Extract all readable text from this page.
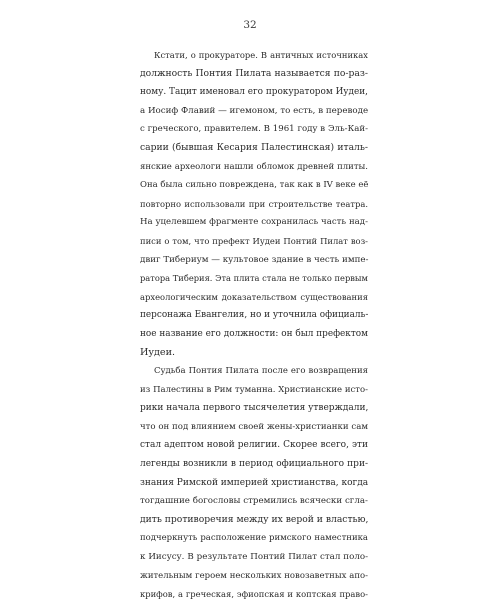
32
Кстати, о прокураторе. В античных источниках
должность Понтия Пилата называется по-раз-
ному. Тацит именовал его прокуратором Иудеи,
а Иосиф Флавий — игемоном, то есть, в переводе
с греческого, правителем. В 1961 году в Эль-Кай-
сарии (бывшая Кесария Палестинская) италь-
янские археологи нашли обломок древней плиты.
Она была сильно повреждена, так как в IV веке её
повторно использовали при строительстве театра.
На уцелевшем фрагменте сохранилась часть над-
писи о том, что префект Иудеи Понтий Пилат воз-
двиг Тибериум — культовое здание в честь импе-
ратора Тиберия. Эта плита стала не только первым
археологическим доказательством существования
персонажа Евангелия, но и уточнила официаль-
ное название его должности: он был префектом
Иудеи.
Судьба Понтия Пилата после его возвращения
из Палестины в Рим туманна. Христианские исто-
рики начала первого тысячелетия утверждали,
что он под влиянием своей жены-христианки сам
стал адептом новой религии. Скорее всего, эти
легенды возникли в период официального при-
знания Римской империей христианства, когда
тогдашние богословы стремились всячески сгла-
дить противоречия между их верой и властью,
подчеркнуть расположение римского наместника
к Иисусу. В результате Понтий Пилат стал поло-
жительным героем нескольких новозаветных апо-
крифов, а греческая, эфиопская и коптская право-
